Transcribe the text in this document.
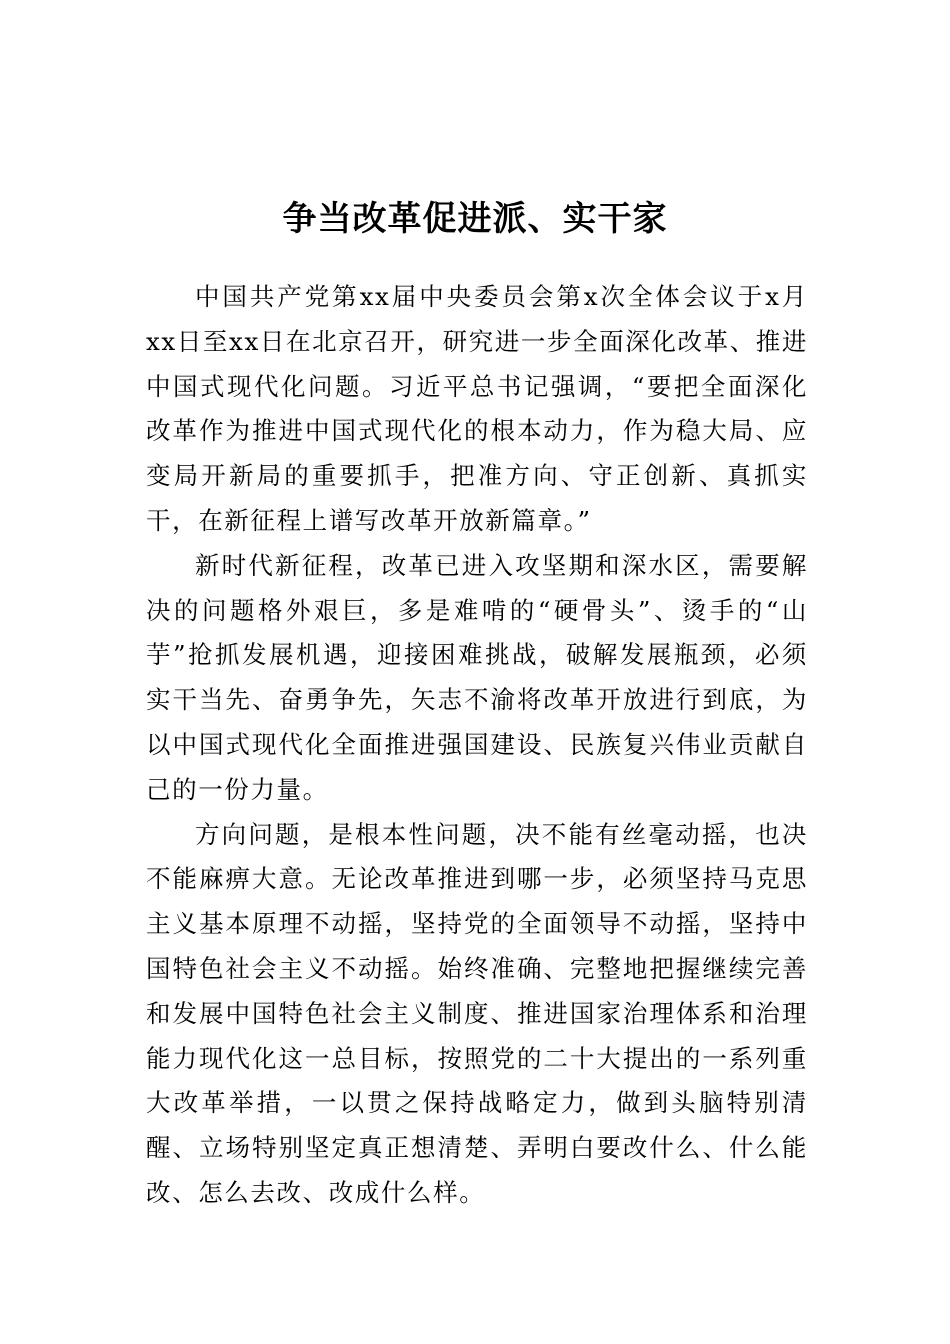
争当改革促进派、实干家

中国共产党第xx届中央委员会第x次全体会议于x月xx日至xx日在北京召开，研究进一步全面深化改革、推进中国式现代化问题。习近平总书记强调，“要把全面深化改革作为推进中国式现代化的根本动力，作为稳大局、应变局开新局的重要抓手，把准方向、守正创新、真抓实干，在新征程上谱写改革开放新篇章。”

新时代新征程，改革已进入攻坚期和深水区，需要解决的问题格外艰巨，多是难啃的“硬骨头”、烫手的“山芋”抢抓发展机遇，迎接困难挑战，破解发展瓶颈，必须实干当先、奋勇争先，矢志不渝将改革开放进行到底，为以中国式现代化全面推进强国建设、民族复兴伟业贡献自己的一份力量。

方向问题，是根本性问题，决不能有丝毫动摇，也决不能麻痹大意。无论改革推进到哪一步，必须坚持马克思主义基本原理不动摇，坚持党的全面领导不动摇，坚持中国特色社会主义不动摇。始终准确、完整地把握继续完善和发展中国特色社会主义制度、推进国家治理体系和治理能力现代化这一总目标，按照党的二十大提出的一系列重大改革举措，一以贯之保持战略定力，做到头脑特别清醒、立场特别坚定真正想清楚、弄明白要改什么、什么能改、怎么去改、改成什么样。
